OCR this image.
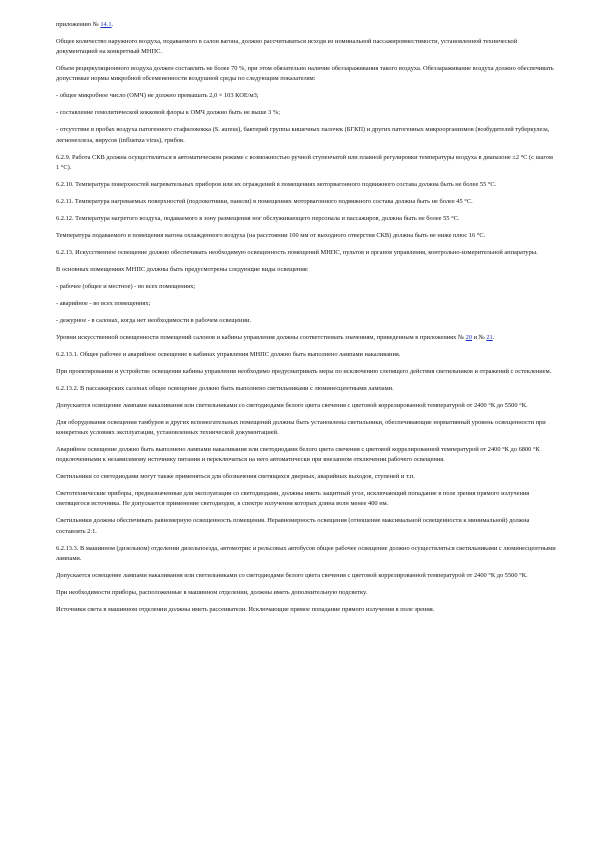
приложению № 14.1.

Общее количество наружного воздуха, подаваемого в салон вагона, должно рассчитываться исходя из номинальной пассажировместимости, установленной технической документацией на конкретный МНПС.

Объем рециркуляционного воздуха должен составлять не более 70 %, при этом обязательно наличие обеззараживания такого воздуха. Обеззараживание воздуха должно обеспечивать допустимые нормы микробной обсемененности воздушной среды по следующим показателям:

- общее микробное число (ОМЧ) не должно превышать 2,0 × 103 КОЕ/м3;

- составление гемолитической кокковой флоры к ОМЧ должно быть не выше 3 %;

- отсутствие в пробах воздуха патогенного стафилококка (S. aureus), бактерий группы кишечных палочек (БГКП) и других патогенных микроорганизмов (возбудителей туберкулеза, легионеллеза, вирусов (influenza virus), грибов.

6.2.9. Работа СКВ должна осуществляться в автоматическом режиме с возможностью ручной ступенчатой или плавной регулировки температуры воздуха в диапазоне ±2 °С (с шагом 1 °С).

6.2.10. Температура поверхностей нагревательных приборов или их ограждений в помещениях моторвагонного подвижного состава должна быть не более 55 °С.

6.2.11. Температура нагреваемых поверхностей (подлокотники, панели) в помещениях моторвагонного подвижного состава должна быть не более 45 °С.

6.2.12. Температура нагретого воздуха, подаваемого в зону размещения ног обслуживающего персонала и пассажиров, должна быть не более 55 °С.

Температура подаваемого в помещения вагона охлажденного воздуха (на расстоянии 100 мм от выходного отверстия СКВ) должна быть не ниже плюс 16 °С.

6.2.13. Искусственное освещение должно обеспечивать необходимую освещенность помещений МНПС, пультов и органов управления, контрольно-измерительной аппаратуры.

В основных помещениях МНПС должны быть предусмотрены следующие виды освещения:

- рабочее (общее и местное) - во всех помещениях;

- аварийное - во всех помещениях;

- дежурное - в салонах, когда нет необходимости в рабочем освещении.

Уровни искусственной освещенности помещений салонов и кабины управления должны соответствовать значениям, приведенным в приложениях № 20 и № 21.

6.2.13.1. Общее рабочее и аварийное освещение в кабинах управления МНПС должно быть выполнено лампами накаливания.

При проектировании и устройстве освещения кабины управления необходимо предусматривать меры по исключению слепящего действия светильников и отражений с остеклением.

6.2.13.2. В пассажирских салонах общее освещение должно быть выполнено светильниками с люминесцентными лампами.

Допускается освещение лампами накаливания или светильниками со светодиодами белого цвета свечения с цветовой коррелированной температурой от 2400 °К до 5500 °К.

Для оборудования освещения тамбуров и других вспомогательных помещений должны быть установлены светильники, обеспечивающие нормативный уровень освещенности при конкретных условиях эксплуатации, установленных технической документацией.

Аварийное освещение должно быть выполнено лампами накаливания или светодиодами белого цвета свечения с цветовой коррелированной температурой от 2400 °К до 6800 °К подключенными к независимому источнику питания и переключаться на него автоматически при внезапном отключении рабочего освещения.

Светильники со светодиодами могут также применяться для обозначения светящихся дверных, аварийных выходов, ступеней и т.п.

Светотехнические приборы, предназначенные для эксплуатации со светодиодами, должны иметь защитный угол, исключающий попадание в поле зрения прямого излучения светящегося источника. Не допускается применение светодиодов, в спектре излучения которых длина волн менее 400 нм.

Светильники должны обеспечивать равномерную освещенность помещения. Неравномерность освещения (отношение максимальной освещенности к минимальной) должна составлять 2:1.

6.2.13.3. В машинном (дизельном) отделении дизельпоезда, автомотрис и рельсовых автобусов общее рабочее освещение должно осуществляться светильниками с люминесцентными лампами.

Допускается освещение лампами накаливания или светильниками со светодиодами белого цвета свечения с цветовой коррелированной температурой от 2400 °К до 5500 °К.

При необходимости приборы, расположенные в машинном отделении, должны иметь дополнительную подсветку.

Источники света в машинном отделении должны иметь рассеиватели. Исключающие прямое попадание прямого излучения в поле зрения.
